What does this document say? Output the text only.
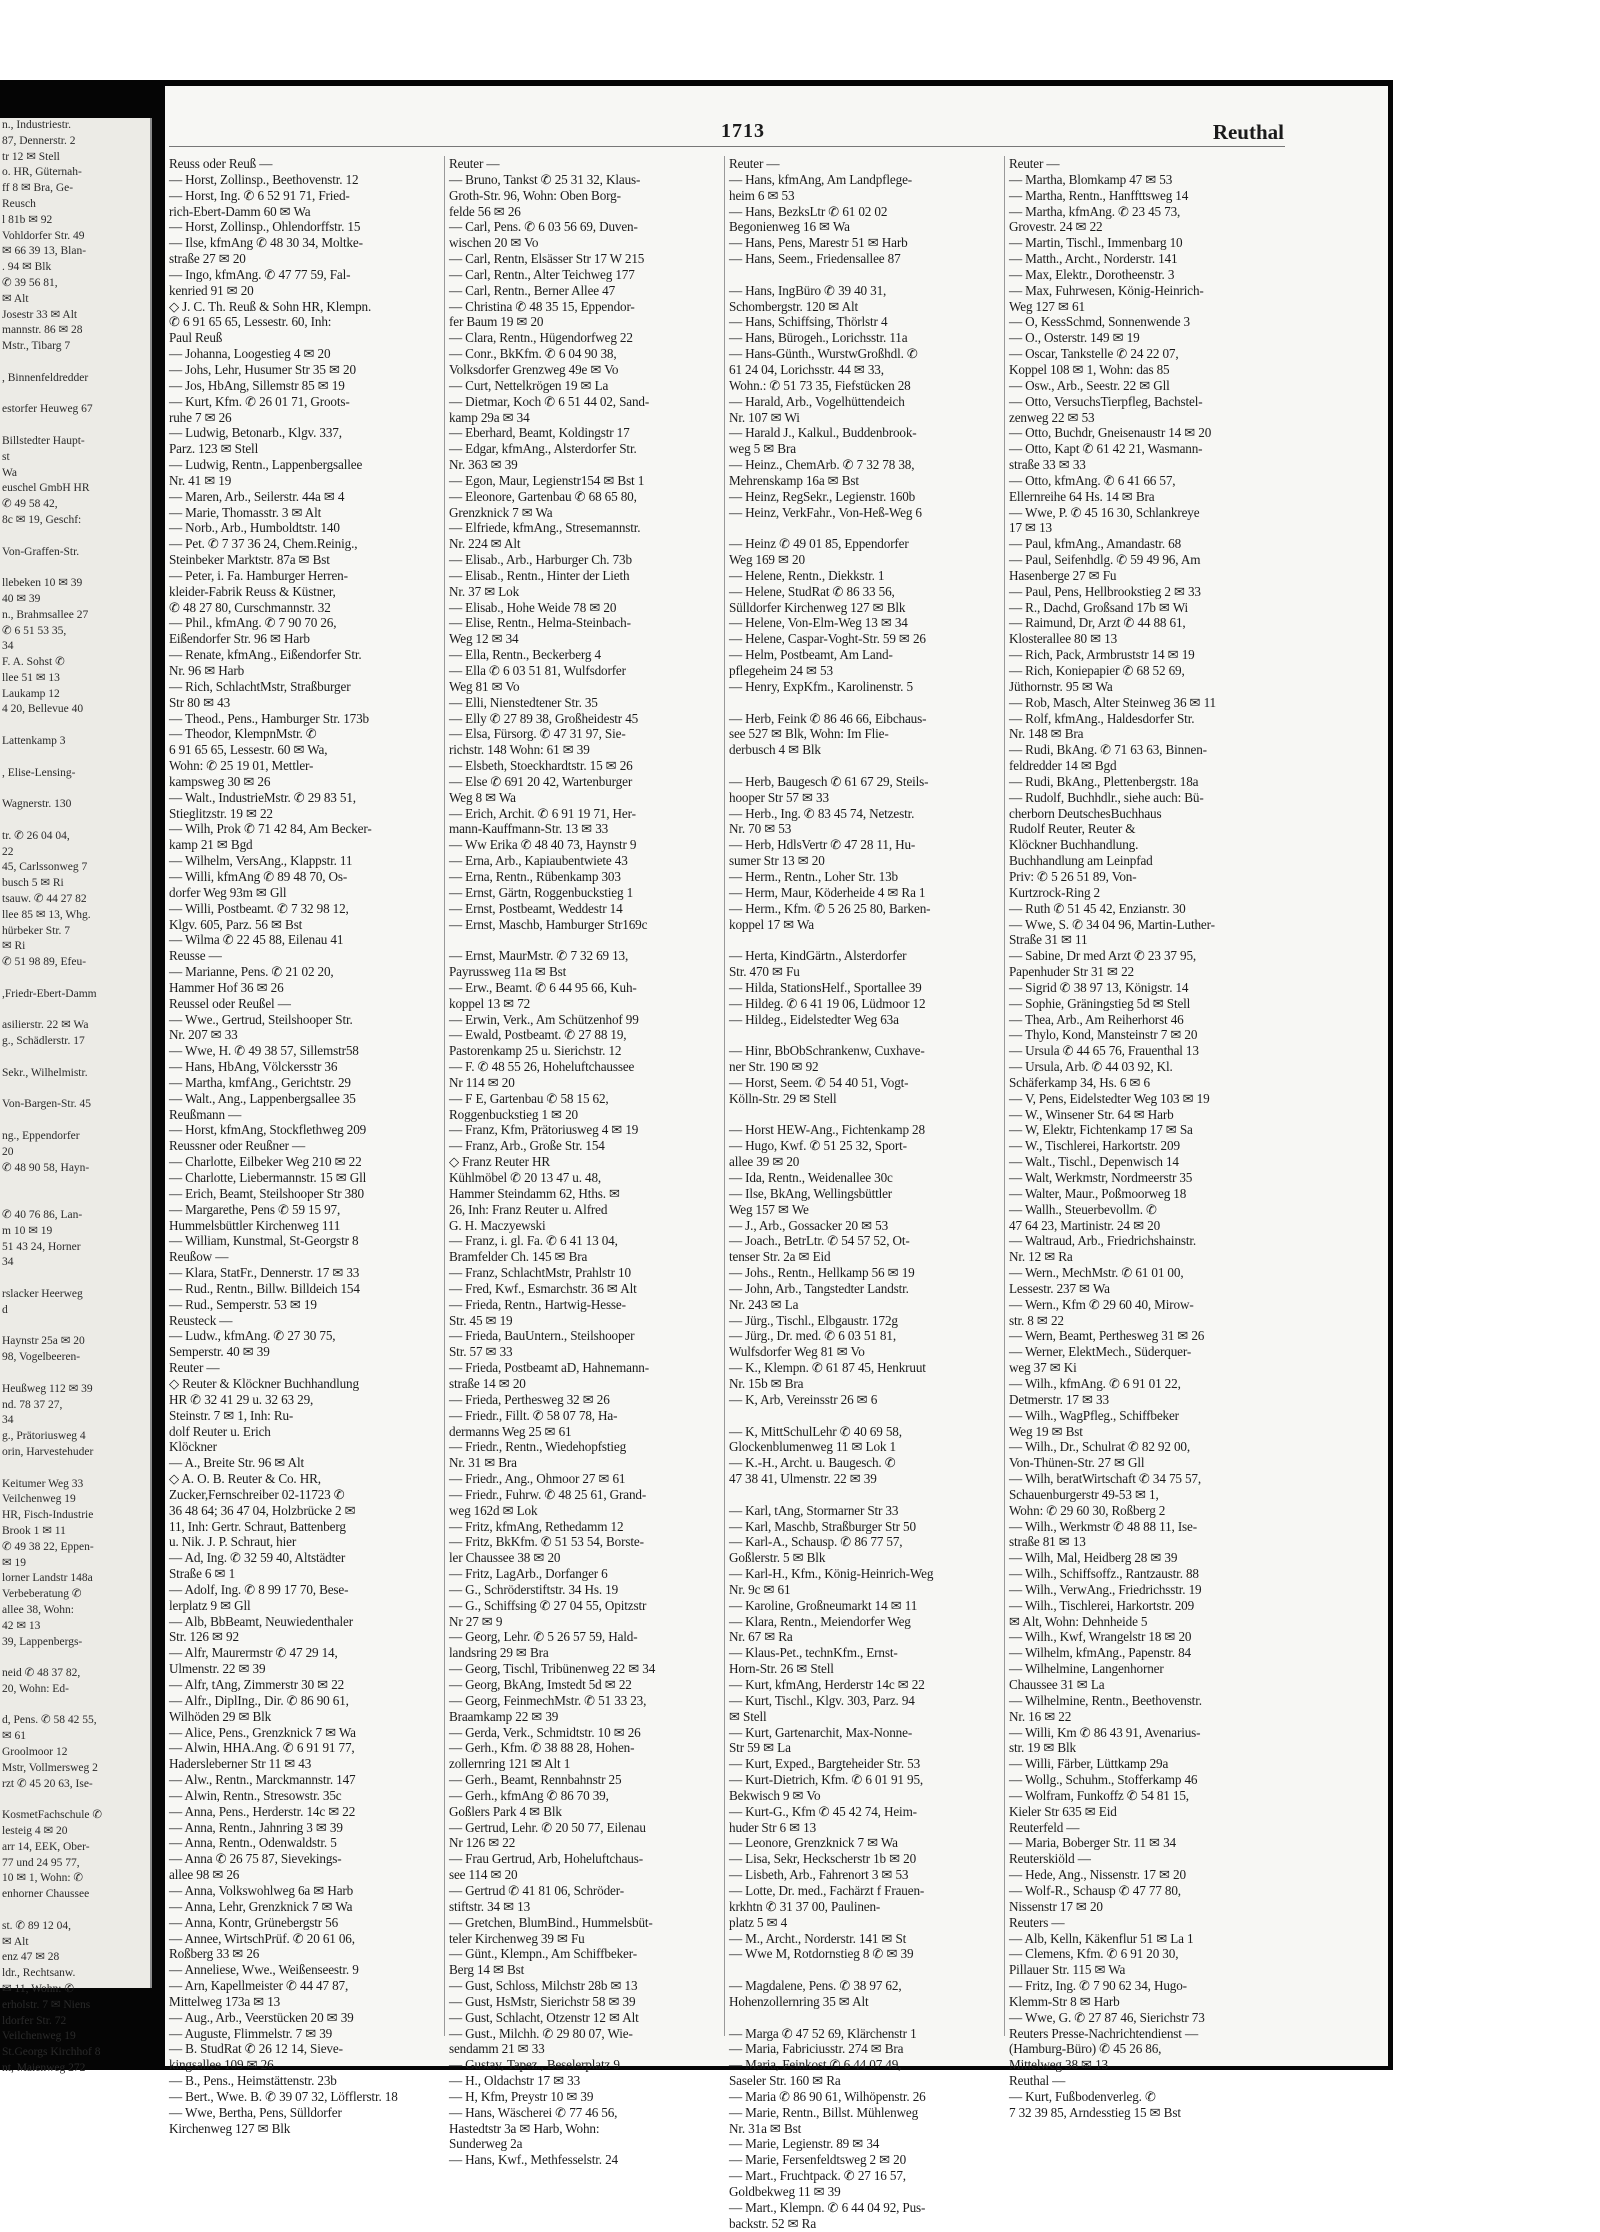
n., Industriestr.
87, Dennerstr. 2
tr 12 ✉ Stell
o. HR, Güternah-
ff 8 ✉ Bra, Ge-
Reusch
l 81b ✉ 92
Vohldorfer Str. 49
✉ 66 39 13, Blan-
. 94 ✉ Blk
✆ 39 56 81,
✉ Alt
Josestr 33 ✉ Alt
mannstr. 86 ✉ 28
Mstr., Tibarg 7

, Binnenfeldredder

estorfer Heuweg 67

Billstedter Haupt-
st
Wa
euschel GmbH HR
✆ 49 58 42,
8c ✉ 19, Geschf:

Von-Graffen-Str.

llebeken 10 ✉ 39
40 ✉ 39
n., Brahmsallee 27
✆ 6 51 53 35,
34
F. A. Sohst ✆
llee 51 ✉ 13
Laukamp 12
4 20, Bellevue 40

Lattenkamp 3

, Elise-Lensing-

Wagnerstr. 130

tr. ✆ 26 04 04,
22
45, Carlssonweg 7
busch 5 ✉ Ri
tsauw. ✆ 44 27 82
llee 85 ✉ 13, Whg.
hürbeker Str. 7
✉ Ri
✆ 51 98 89, Efeu-

,Friedr-Ebert-Damm

asilierstr. 22 ✉ Wa
g., Schädlerstr. 17

Sekr., Wilhelmistr.

Von-Bargen-Str. 45

ng., Eppendorfer
20
✆ 48 90 58, Hayn-

✆ 40 76 86, Lan-
m 10 ✉ 19
51 43 24, Horner
34

rslacker Heerweg
d

Haynstr 25a ✉ 20
98, Vogelbeeren-

Heußweg 112 ✉ 39
nd. 78 37 27,
34
g., Prätoriusweg 4
orin, Harvestehuder

Keitumer Weg 33
Veilchenweg 19
HR, Fisch-Industrie
Brook 1 ✉ 11
✆ 49 38 22, Eppen-
✉ 19
lorner Landstr 148a
Verbeberatung ✆
allee 38, Wohn:
42 ✉ 13
39, Lappenbergs-

neid ✆ 48 37 82,
20, Wohn: Ed-

d, Pens. ✆ 58 42 55,
✉ 61
Groolmoor 12
Mstr, Vollmersweg 2
rzt ✆ 45 20 63, Ise-

KosmetFachschule ✆
lesteig 4 ✉ 20
arr 14, EEK, Ober-
77 und 24 95 77,
10 ✉ 1, Wohn: ✆
enhorner Chaussee

st. ✆ 89 12 04,
✉ Alt
enz 47 ✉ 28
ldr., Rechtsanw.
✉ 11, Wohn: ✆
erholstr. 7 ✉ Niens
ldorfer Str. 72
Veilchenweg 19
St.Georgs Kirchhof 8
nt, Maienweg 272
1713	Reuthal
Reuss oder Reuß —
— Horst, Zollinsp., Beethovenstr. 12
— Horst, Ing. ✆ 6 52 91 71, Fried-
rich-Ebert-Damm 60 ✉ Wa
— Horst, Zollinsp., Ohlendorffstr. 15
— Ilse, kfmAng ✆ 48 30 34, Moltke-
straße 27 ✉ 20
— Ingo, kfmAng. ✆ 47 77 59, Fal-
kenried 91 ✉ 20
◇ J. C. Th. Reuß & Sohn HR, Klempn.
✆ 6 91 65 65, Lessestr. 60, Inh:
Paul Reuß
— Johanna, Loogestieg 4 ✉ 20
— Johs, Lehr, Husumer Str 35 ✉ 20
— Jos, HbAng, Sillemstr 85 ✉ 19
— Kurt, Kfm. ✆ 26 01 71, Groots-
ruhe 7 ✉ 26
— Ludwig, Betonarb., Klgv. 337,
Parz. 123 ✉ Stell
— Ludwig, Rentn., Lappenbergsallee
Nr. 41 ✉ 19
— Maren, Arb., Seilerstr. 44a ✉ 4
— Marie, Thomasstr. 3 ✉ Alt
— Norb., Arb., Humboldtstr. 140
— Pet. ✆ 7 37 36 24, Chem.Reinig.,
Steinbeker Marktstr. 87a ✉ Bst
— Peter, i. Fa. Hamburger Herren-
kleider-Fabrik Reuss & Küstner,
✆ 48 27 80, Curschmannstr. 32
— Phil., kfmAng. ✆ 7 90 70 26,
Eißendorfer Str. 96 ✉ Harb
— Renate, kfmAng., Eißendorfer Str.
Nr. 96 ✉ Harb
— Rich, SchlachtMstr, Straßburger
Str 80 ✉ 43
— Theod., Pens., Hamburger Str. 173b
— Theodor, KlempnMstr. ✆
6 91 65 65, Lessestr. 60 ✉ Wa,
Wohn: ✆ 25 19 01, Mettler-
kampsweg 30 ✉ 26
— Walt., IndustrieMstr. ✆ 29 83 51,
Stieglitzstr. 19 ✉ 22
— Wilh, Prok ✆ 71 42 84, Am Becker-
kamp 21 ✉ Bgd
— Wilhelm, VersAng., Klappstr. 11
— Willi, kfmAng ✆ 89 48 70, Os-
dorfer Weg 93m ✉ Gll
— Willi, Postbeamt. ✆ 7 32 98 12,
Klgv. 605, Parz. 56 ✉ Bst
— Wilma ✆ 22 45 88, Eilenau 41
Reusse —
— Marianne, Pens. ✆ 21 02 20,
Hammer Hof 36 ✉ 26
Reussel oder Reußel —
— Wwe., Gertrud, Steilshooper Str.
Nr. 207 ✉ 33
— Wwe, H. ✆ 49 38 57, Sillemstr58
— Hans, HbAng, Völckersstr 36
— Martha, kmfAng., Gerichtstr. 29
— Walt., Ang., Lappenbergsallee 35
Reußmann —
— Horst, kfmAng, Stockflethweg 209
Reussner oder Reußner —
— Charlotte, Eilbeker Weg 210 ✉ 22
— Charlotte, Liebermannstr. 15 ✉ Gll
— Erich, Beamt, Steilshooper Str 380
— Margarethe, Pens ✆ 59 15 97,
Hummelsbüttler Kirchenweg 111
— William, Kunstmal, St-Georgstr 8
Reußow —
— Klara, StatFr., Dennerstr. 17 ✉ 33
— Rud., Rentn., Billw. Billdeich 154
— Rud., Semperstr. 53 ✉ 19
Reusteck —
— Ludw., kfmAng. ✆ 27 30 75,
Semperstr. 40 ✉ 39
Reuter —
◇ Reuter & Klöckner Buchhandlung
HR ✆ 32 41 29 u. 32 63 29,
Steinstr. 7 ✉ 1, Inh: Ru-
dolf Reuter u. Erich
Klöckner
— A., Breite Str. 96 ✉ Alt
◇ A. O. B. Reuter & Co. HR,
Zucker,Fernschreiber 02-11723 ✆
36 48 64; 36 47 04, Holzbrücke 2 ✉
11, Inh: Gertr. Schraut, Battenberg
u. Nik. J. P. Schraut, hier
— Ad, Ing. ✆ 32 59 40, Altstädter
Straße 6 ✉ 1
— Adolf, Ing. ✆ 8 99 17 70, Bese-
lerplatz 9 ✉ Gll
— Alb, BbBeamt, Neuwiedenthaler
Str. 126 ✉ 92
— Alfr, Maurermstr ✆ 47 29 14,
Ulmenstr. 22 ✉ 39
— Alfr, tAng, Zimmerstr 30 ✉ 22
— Alfr., DiplIng., Dir. ✆ 86 90 61,
Wilhöden 29 ✉ Blk
— Alice, Pens., Grenzknick 7 ✉ Wa
— Alwin, HHA.Ang. ✆ 6 91 91 77,
Hadersleberner Str 11 ✉ 43
— Alw., Rentn., Marckmannstr. 147
— Alwin, Rentn., Stresowstr. 35c
— Anna, Pens., Herderstr. 14c ✉ 22
— Anna, Rentn., Jahnring 3 ✉ 39
— Anna, Rentn., Odenwaldstr. 5
— Anna ✆ 26 75 87, Sievekings-
allee 98 ✉ 26
— Anna, Volkswohlweg 6a ✉ Harb
— Anna, Lehr, Grenzknick 7 ✉ Wa
— Anna, Kontr, Grünebergstr 56
— Annee, WirtschPrüf. ✆ 20 61 06,
Roßberg 33 ✉ 26
— Anneliese, Wwe., Weißenseestr. 9
— Arn, Kapellmeister ✆ 44 47 87,
Mittelweg 173a ✉ 13
— Aug., Arb., Veerstücken 20 ✉ 39
— Auguste, Flimmelstr. 7 ✉ 39
— B. StudRat ✆ 26 12 14, Sieve-
kingsallee 109 ✉ 26
— B., Pens., Heimstättenstr. 23b
— Bert., Wwe. B. ✆ 39 07 32, Löfflerstr. 18
— Wwe, Bertha, Pens, Sülldorfer
Kirchenweg 127 ✉ Blk
Reuter —
— Bruno, Tankst ✆ 25 31 32, Klaus-
Groth-Str. 96, Wohn: Oben Borg-
felde 56 ✉ 26
— Carl, Pens. ✆ 6 03 56 69, Duven-
wischen 20 ✉ Vo
— Carl, Rentn, Elsässer Str 17 W 215
— Carl, Rentn., Alter Teichweg 177
— Carl, Rentn., Berner Allee 47
— Christina ✆ 48 35 15, Eppendor-
fer Baum 19 ✉ 20
— Clara, Rentn., Hügendorfweg 22
— Conr., BkKfm. ✆ 6 04 90 38,
Volksdorfer Grenzweg 49e ✉ Vo
— Curt, Nettelkrögen 19 ✉ La
— Dietmar, Koch ✆ 6 51 44 02, Sand-
kamp 29a ✉ 34
— Eberhard, Beamt, Koldingstr 17
— Edgar, kfmAng., Alsterdorfer Str.
Nr. 363 ✉ 39
— Egon, Maur, Legienstr154 ✉ Bst 1
— Eleonore, Gartenbau ✆ 68 65 80,
Grenzknick 7 ✉ Wa
— Elfriede, kfmAng., Stresemannstr.
Nr. 224 ✉ Alt
— Elisab., Arb., Harburger Ch. 73b
— Elisab., Rentn., Hinter der Lieth
Nr. 37 ✉ Lok
— Elisab., Hohe Weide 78 ✉ 20
— Elise, Rentn., Helma-Steinbach-
Weg 12 ✉ 34
— Ella, Rentn., Beckerberg 4
— Ella ✆ 6 03 51 81, Wulfsdorfer
Weg 81 ✉ Vo
— Elli, Nienstedtener Str. 35
— Elly ✆ 27 89 38, Großheidestr 45
— Elsa, Fürsorg. ✆ 47 31 97, Sie-
richstr. 148 Wohn: 61 ✉ 39
— Elsbeth, Stoeckhardtstr. 15 ✉ 26
— Else ✆ 691 20 42, Wartenburger
Weg 8 ✉ Wa
— Erich, Archit. ✆ 6 91 19 71, Her-
mann-Kauffmann-Str. 13 ✉ 33
— Ww Erika ✆ 48 40 73, Haynstr 9
— Erna, Arb., Kapiaubentwiete 43
— Erna, Rentn., Rübenkamp 303
— Ernst, Gärtn, Roggenbuckstieg 1
— Ernst, Postbeamt, Weddestr 14
— Ernst, Maschb, Hamburger Str169c

— Ernst, MaurMstr. ✆ 7 32 69 13,
Payrussweg 11a ✉ Bst
— Erw., Beamt. ✆ 6 44 95 66, Kuh-
koppel 13 ✉ 72
— Erwin, Verk., Am Schützenhof 99
— Ewald, Postbeamt. ✆ 27 88 19,
Pastorenkamp 25 u. Sierichstr. 12
— F. ✆ 48 55 26, Hoheluftchaussee
Nr 114 ✉ 20
— F E, Gartenbau ✆ 58 15 62,
Roggenbuckstieg 1 ✉ 20
— Franz, Kfm, Prätoriusweg 4 ✉ 19
— Franz, Arb., Große Str. 154
◇ Franz Reuter HR
Kühlmöbel ✆ 20 13 47 u. 48,
Hammer Steindamm 62, Hths. ✉
26, Inh: Franz Reuter u. Alfred
G. H. Maczyewski
— Franz, i. gl. Fa. ✆ 6 41 13 04,
Bramfelder Ch. 145 ✉ Bra
— Franz, SchlachtMstr, Prahlstr 10
— Fred, Kwf., Esmarchstr. 36 ✉ Alt
— Frieda, Rentn., Hartwig-Hesse-
Str. 45 ✉ 19
— Frieda, BauUntern., Steilshooper
Str. 57 ✉ 33
— Frieda, Postbeamt aD, Hahnemann-
straße 14 ✉ 20
— Frieda, Perthesweg 32 ✉ 26
— Friedr., Fillt. ✆ 58 07 78, Ha-
dermanns Weg 25 ✉ 61
— Friedr., Rentn., Wiedehopfstieg
Nr. 31 ✉ Bra
— Friedr., Ang., Ohmoor 27 ✉ 61
— Friedr., Fuhrw. ✆ 48 25 61, Grand-
weg 162d ✉ Lok
— Fritz, kfmAng, Rethedamm 12
— Fritz, BkKfm. ✆ 51 53 54, Borste-
ler Chaussee 38 ✉ 20
— Fritz, LagArb., Dorfanger 6
— G., Schröderstiftstr. 34 Hs. 19
— G., Schiffsing ✆ 27 04 55, Opitzstr
Nr 27 ✉ 9
— Georg, Lehr. ✆ 5 26 57 59, Hald-
landsring 29 ✉ Bra
— Georg, Tischl, Tribünenweg 22 ✉ 34
— Georg, BkAng, Imstedt 5d ✉ 22
— Georg, FeinmechMstr. ✆ 51 33 23,
Braamkamp 22 ✉ 39
— Gerda, Verk., Schmidtstr. 10 ✉ 26
— Gerh., Kfm. ✆ 38 88 28, Hohen-
zollernring 121 ✉ Alt 1
— Gerh., Beamt, Rennbahnstr 25
— Gerh., kfmAng ✆ 86 70 39,
Goßlers Park 4 ✉ Blk
— Gertrud, Lehr. ✆ 20 50 77, Eilenau
Nr 126 ✉ 22
— Frau Gertrud, Arb, Hoheluftchaus-
see 114 ✉ 20
— Gertrud ✆ 41 81 06, Schröder-
stiftstr. 34 ✉ 13
— Gretchen, BlumBind., Hummelsbüt-
teler Kirchenweg 39 ✉ Fu
— Günt., Klempn., Am Schiffbeker-
Berg 14 ✉ Bst
— Gust, Schloss, Milchstr 28b ✉ 13
— Gust, HsMstr, Sierichstr 58 ✉ 39
— Gust, Schlacht, Otzenstr 12 ✉ Alt
— Gust., Milchh. ✆ 29 80 07, Wie-
sendamm 21 ✉ 33
— Gustav, Tapez., Beselerplatz 9
— H., Oldachstr 17 ✉ 33
— H, Kfm, Preystr 10 ✉ 39
— Hans, Wäscherei ✆ 77 46 56,
Hastedtstr 3a ✉ Harb, Wohn:
Sunderweg 2a
— Hans, Kwf., Methfesselstr. 24
Reuter —
— Hans, kfmAng, Am Landpflege-
heim 6 ✉ 53
— Hans, BezksLtr ✆ 61 02 02
Begonienweg 16 ✉ Wa
— Hans, Pens, Marestr 51 ✉ Harb
— Hans, Seem., Friedensallee 87

— Hans, IngBüro ✆ 39 40 31,
Schombergstr. 120 ✉ Alt
— Hans, Schiffsing, Thörlstr 4
— Hans, Bürogeh., Lorichsstr. 11a
— Hans-Günth., WurstwGroßhdl. ✆
61 24 04, Lorichsstr. 44 ✉ 33,
Wohn.: ✆ 51 73 35, Fiefstücken 28
— Harald, Arb., Vogelhüttendeich
Nr. 107 ✉ Wi
— Harald J., Kalkul., Buddenbrook-
weg 5 ✉ Bra
— Heinz., ChemArb. ✆ 7 32 78 38,
Mehrenskamp 16a ✉ Bst
— Heinz, RegSekr., Legienstr. 160b
— Heinz, VerkFahr., Von-Heß-Weg 6

— Heinz ✆ 49 01 85, Eppendorfer
Weg 169 ✉ 20
— Helene, Rentn., Diekkstr. 1
— Helene, StudRat ✆ 86 33 56,
Sülldorfer Kirchenweg 127 ✉ Blk
— Helene, Von-Elm-Weg 13 ✉ 34
— Helene, Caspar-Voght-Str. 59 ✉ 26
— Helm, Postbeamt, Am Land-
pflegeheim 24 ✉ 53
— Henry, ExpKfm., Karolinenstr. 5

— Herb, Feink ✆ 86 46 66, Eibchaus-
see 527 ✉ Blk, Wohn: Im Flie-
derbusch 4 ✉ Blk

— Herb, Baugesch ✆ 61 67 29, Steils-
hooper Str 57 ✉ 33
— Herb., Ing. ✆ 83 45 74, Netzestr.
Nr. 70 ✉ 53
— Herb, HdlsVertr ✆ 47 28 11, Hu-
sumer Str 13 ✉ 20
— Herm., Rentn., Loher Str. 13b
— Herm, Maur, Köderheide 4 ✉ Ra 1
— Herm., Kfm. ✆ 5 26 25 80, Barken-
koppel 17 ✉ Wa

— Herta, KindGärtn., Alsterdorfer
Str. 470 ✉ Fu
— Hilda, StationsHelf., Sportallee 39
— Hildeg. ✆ 6 41 19 06, Lüdmoor 12
— Hildeg., Eidelstedter Weg 63a

— Hinr, BbObSchrankenw, Cuxhave-
ner Str. 190 ✉ 92
— Horst, Seem. ✆ 54 40 51, Vogt-
Kölln-Str. 29 ✉ Stell

— Horst HEW-Ang., Fichtenkamp 28
— Hugo, Kwf. ✆ 51 25 32, Sport-
allee 39 ✉ 20
— Ida, Rentn., Weidenallee 30c
— Ilse, BkAng, Wellingsbüttler
Weg 157 ✉ We
— J., Arb., Gossacker 20 ✉ 53
— Joach., BetrLtr. ✆ 54 57 52, Ot-
tenser Str. 2a ✉ Eid
— Johs., Rentn., Hellkamp 56 ✉ 19
— John, Arb., Tangstedter Landstr.
Nr. 243 ✉ La
— Jürg., Tischl., Elbgaustr. 172g
— Jürg., Dr. med. ✆ 6 03 51 81,
Wulfsdorfer Weg 81 ✉ Vo
— K., Klempn. ✆ 61 87 45, Henkruut
Nr. 15b ✉ Bra
— K, Arb, Vereinsstr 26 ✉ 6

— K, MittSchulLehr ✆ 40 69 58,
Glockenblumenweg 11 ✉ Lok 1
— K.-H., Archt. u. Baugesch. ✆
47 38 41, Ulmenstr. 22 ✉ 39

— Karl, tAng, Stormarner Str 33
— Karl, Maschb, Straßburger Str 50
— Karl-A., Schausp. ✆ 86 77 57,
Goßlerstr. 5 ✉ Blk
— Karl-H., Kfm., König-Heinrich-Weg
Nr. 9c ✉ 61
— Karoline, Großneumarkt 14 ✉ 11
— Klara, Rentn., Meiendorfer Weg
Nr. 67 ✉ Ra
— Klaus-Pet., technKfm., Ernst-
Horn-Str. 26 ✉ Stell
— Kurt, kfmAng, Herderstr 14c ✉ 22
— Kurt, Tischl., Klgv. 303, Parz. 94
✉ Stell
— Kurt, Gartenarchit, Max-Nonne-
Str 59 ✉ La
— Kurt, Exped., Bargteheider Str. 53
— Kurt-Dietrich, Kfm. ✆ 6 01 91 95,
Bekwisch 9 ✉ Vo
— Kurt-G., Kfm ✆ 45 42 74, Heim-
huder Str 6 ✉ 13
— Leonore, Grenzknick 7 ✉ Wa
— Lisa, Sekr, Heckscherstr 1b ✉ 20
— Lisbeth, Arb., Fahrenort 3 ✉ 53
— Lotte, Dr. med., Fachärzt f Frauen-
krkhtn ✆ 31 37 00, Paulinen-
platz 5 ✉ 4
— M., Archt., Norderstr. 141 ✉ St
— Wwe M, Rotdornstieg 8 ✆ ✉ 39

— Magdalene, Pens. ✆ 38 97 62,
Hohenzollernring 35 ✉ Alt

— Marga ✆ 47 52 69, Klärchenstr 1
— Maria, Fabriciusstr. 274 ✉ Bra
— Maria, Feinkost ✆ 6 44 07 49,
Saseler Str. 160 ✉ Ra
— Maria ✆ 86 90 61, Wilhöpenstr. 26
— Marie, Rentn., Billst. Mühlenweg
Nr. 31a ✉ Bst
— Marie, Legienstr. 89 ✉ 34
— Marie, Fersenfeldtsweg 2 ✉ 20
— Mart., Fruchtpack. ✆ 27 16 57,
Goldbekweg 11 ✉ 39
— Mart., Klempn. ✆ 6 44 04 92, Pus-
backstr. 52 ✉ Ra
Reuter —
— Martha, Blomkamp 47 ✉ 53
— Martha, Rentn., Hanffttsweg 14
— Martha, kfmAng. ✆ 23 45 73,
Grovestr. 24 ✉ 22
— Martin, Tischl., Immenbarg 10
— Matth., Archt., Norderstr. 141
— Max, Elektr., Dorotheenstr. 3
— Max, Fuhrwesen, König-Heinrich-
Weg 127 ✉ 61
— O, KessSchmd, Sonnenwende 3
— O., Osterstr. 149 ✉ 19
— Oscar, Tankstelle ✆ 24 22 07,
Koppel 108 ✉ 1, Wohn: das 85
— Osw., Arb., Seestr. 22 ✉ Gll
— Otto, VersuchsTierpfleg, Bachstel-
zenweg 22 ✉ 53
— Otto, Buchdr, Gneisenaustr 14 ✉ 20
— Otto, Kapt ✆ 61 42 21, Wasmann-
straße 33 ✉ 33
— Otto, kfmAng. ✆ 6 41 66 57,
Ellernreihe 64 Hs. 14 ✉ Bra
— Wwe, P. ✆ 45 16 30, Schlankreye
17 ✉ 13
— Paul, kfmAng., Amandastr. 68
— Paul, Seifenhdlg. ✆ 59 49 96, Am
Hasenberge 27 ✉ Fu
— Paul, Pens, Hellbrookstieg 2 ✉ 33
— R., Dachd, Großsand 17b ✉ Wi
— Raimund, Dr, Arzt ✆ 44 88 61,
Klosterallee 80 ✉ 13
— Rich, Pack, Armbruststr 14 ✉ 19
— Rich, Koniepapier ✆ 68 52 69,
Jüthornstr. 95 ✉ Wa
— Rob, Masch, Alter Steinweg 36 ✉ 11
— Rolf, kfmAng., Haldesdorfer Str.
Nr. 148 ✉ Bra
— Rudi, BkAng. ✆ 71 63 63, Binnen-
feldredder 14 ✉ Bgd
— Rudi, BkAng., Plettenbergstr. 18a
— Rudolf, Buchhdlr., siehe auch: Bü-
cherborn DeutschesBuchhaus
Rudolf Reuter, Reuter &
Klöckner Buchhandlung.
Buchhandlung am Leinpfad
Priv: ✆ 5 26 51 89, Von-
Kurtzrock-Ring 2
— Ruth ✆ 51 45 42, Enzianstr. 30
— Wwe, S. ✆ 34 04 96, Martin-Luther-
Straße 31 ✉ 11
— Sabine, Dr med Arzt ✆ 23 37 95,
Papenhuder Str 31 ✉ 22
— Sigrid ✆ 38 97 13, Königstr. 14
— Sophie, Gräningstieg 5d ✉ Stell
— Thea, Arb., Am Reiherhorst 46
— Thylo, Kond, Mansteinstr 7 ✉ 20
— Ursula ✆ 44 65 76, Frauenthal 13
— Ursula, Arb. ✆ 44 03 92, Kl.
Schäferkamp 34, Hs. 6 ✉ 6
— V, Pens, Eidelstedter Weg 103 ✉ 19
— W., Winsener Str. 64 ✉ Harb
— W, Elektr, Fichtenkamp 17 ✉ Sa
— W., Tischlerei, Harkortstr. 209
— Walt., Tischl., Depenwisch 14
— Walt, Werkmstr, Nordmeerstr 35
— Walter, Maur., Poßmoorweg 18
— Wallh., Steuerbevollm. ✆
47 64 23, Martinistr. 24 ✉ 20
— Waltraud, Arb., Friedrichshainstr.
Nr. 12 ✉ Ra
— Wern., MechMstr. ✆ 61 01 00,
Lessestr. 237 ✉ Wa
— Wern., Kfm ✆ 29 60 40, Mirow-
str. 8 ✉ 22
— Wern, Beamt, Perthesweg 31 ✉ 26
— Werner, ElektMech., Süderquer-
weg 37 ✉ Ki
— Wilh., kfmAng. ✆ 6 91 01 22,
Detmerstr. 17 ✉ 33
— Wilh., WagPfleg., Schiffbeker
Weg 19 ✉ Bst
— Wilh., Dr., Schulrat ✆ 82 92 00,
Von-Thünen-Str. 27 ✉ Gll
— Wilh, beratWirtschaft ✆ 34 75 57,
Schauenburgerstr 49-53 ✉ 1,
Wohn: ✆ 29 60 30, Roßberg 2
— Wilh., Werkmstr ✆ 48 88 11, Ise-
straße 81 ✉ 13
— Wilh, Mal, Heidberg 28 ✉ 39
— Wilh., Schiffsoffz., Rantzaustr. 88
— Wilh., VerwAng., Friedrichsstr. 19
— Wilh., Tischlerei, Harkortstr. 209
✉ Alt, Wohn: Dehnheide 5
— Wilh., Kwf, Wrangelstr 18 ✉ 20
— Wilhelm, kfmAng., Papenstr. 84
— Wilhelmine, Langenhorner
Chaussee 31 ✉ La
— Wilhelmine, Rentn., Beethovenstr.
Nr. 16 ✉ 22
— Willi, Km ✆ 86 43 91, Avenarius-
str. 19 ✉ Blk
— Willi, Färber, Lüttkamp 29a
— Wollg., Schuhm., Stofferkamp 46
— Wolfram, Funkoffz ✆ 54 81 15,
Kieler Str 635 ✉ Eid
Reuterfeld —
— Maria, Boberger Str. 11 ✉ 34
Reuterskiöld —
— Hede, Ang., Nissenstr. 17 ✉ 20
— Wolf-R., Schausp ✆ 47 77 80,
Nissenstr 17 ✉ 20
Reuters —
— Alb, Kelln, Käkenflur 51 ✉ La 1
— Clemens, Kfm. ✆ 6 91 20 30,
Pillauer Str. 115 ✉ Wa
— Fritz, Ing. ✆ 7 90 62 34, Hugo-
Klemm-Str 8 ✉ Harb
— Wwe, G. ✆ 27 87 46, Sierichstr 73
Reuters Presse-Nachrichtendienst —
(Hamburg-Büro) ✆ 45 26 86,
Mittelweg 38 ✉ 13
Reuthal —
— Kurt, Fußbodenverleg. ✆
7 32 39 85, Arndesstieg 15 ✉ Bst
